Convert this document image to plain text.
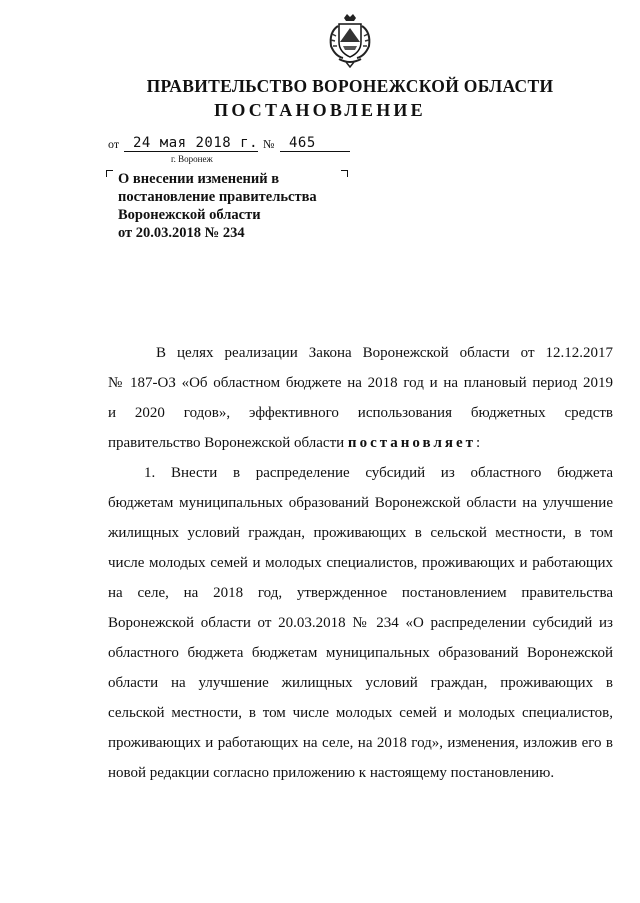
ПРАВИТЕЛЬСТВО ВОРОНЕЖСКОЙ ОБЛАСТИ
ПОСТАНОВЛЕНИЕ
от 24 мая 2018 г. № 465
г. Воронеж
О внесении изменений в
постановление правительства
Воронежской области
от 20.03.2018 № 234

В целях реализации Закона Воронежской области от 12.12.2017

№ 187-ОЗ «Об областном бюджете на 2018 год и на плановый период 2019

и 2020 годов», эффективного использования бюджетных средств

правительство Воронежской области постановляет:

1. Внести в распределение субсидий из областного бюджета

бюджетам муниципальных образований Воронежской области на улучшение

жилищных условий граждан, проживающих в сельской местности, в том

числе молодых семей и молодых специалистов, проживающих и работающих

на селе, на 2018 год, утвержденное постановлением правительства

Воронежской области от 20.03.2018 № 234 «О распределении субсидий из

областного бюджета бюджетам муниципальных образований Воронежской

области на улучшение жилищных условий граждан, проживающих в

сельской местности, в том числе молодых семей и молодых специалистов,

проживающих и работающих на селе, на 2018 год», изменения, изложив его в

новой редакции согласно приложению к настоящему постановлению.
